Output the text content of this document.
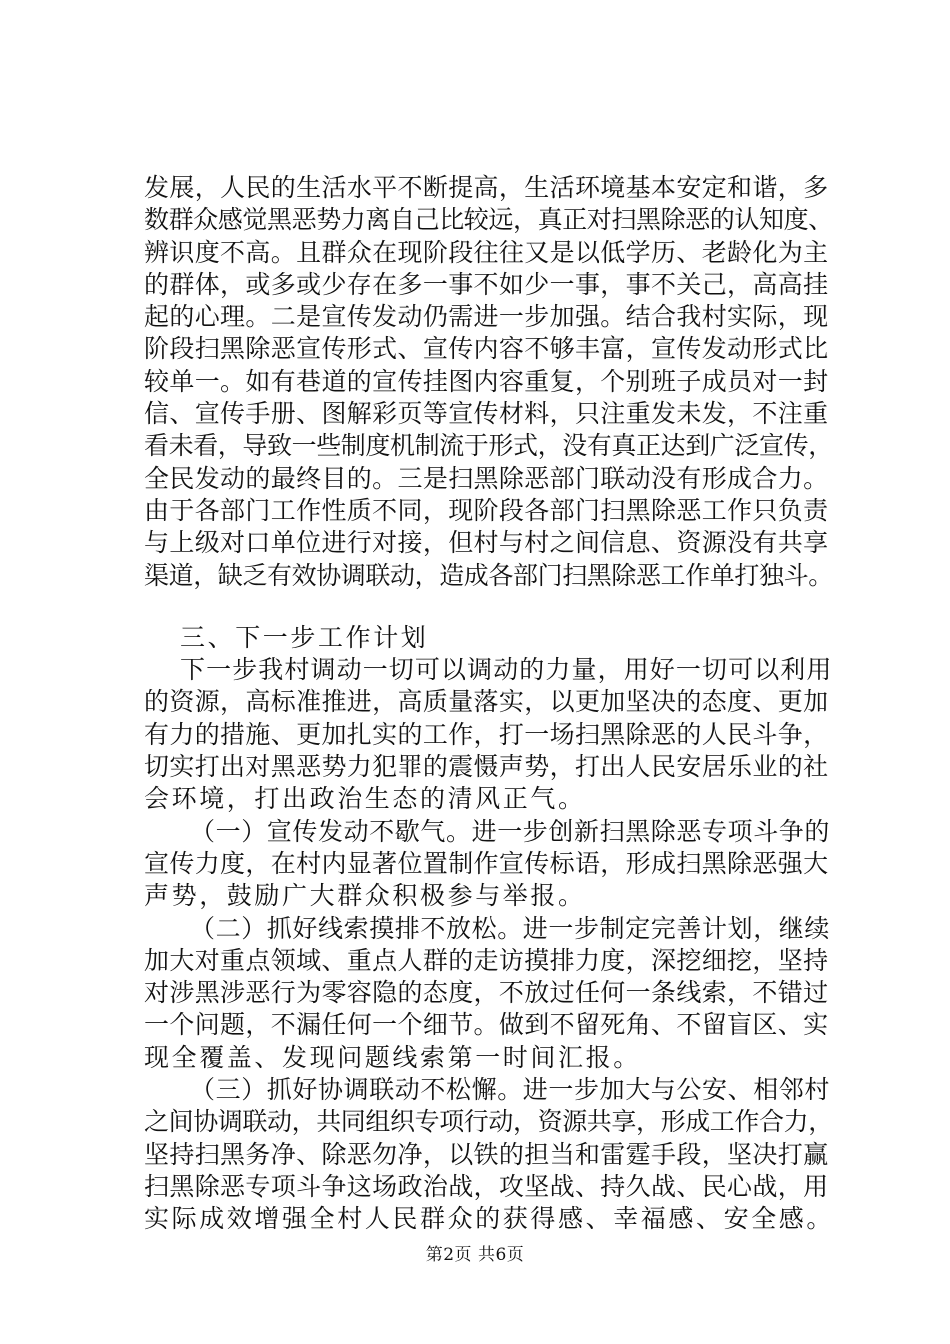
发展，人民的生活水平不断提高，生活环境基本安定和谐，多
数群众感觉黑恶势力离自己比较远，真正对扫黑除恶的认知度、
辨识度不高。且群众在现阶段往往又是以低学历、老龄化为主
的群体，或多或少存在多一事不如少一事，事不关己，高高挂
起的心理。二是宣传发动仍需进一步加强。结合我村实际，现
阶段扫黑除恶宣传形式、宣传内容不够丰富，宣传发动形式比
较单一。如有巷道的宣传挂图内容重复，个别班子成员对一封
信、宣传手册、图解彩页等宣传材料，只注重发未发，不注重
看未看，导致一些制度机制流于形式，没有真正达到广泛宣传，
全民发动的最终目的。三是扫黑除恶部门联动没有形成合力。
由于各部门工作性质不同，现阶段各部门扫黑除恶工作只负责
与上级对口单位进行对接，但村与村之间信息、资源没有共享
渠道，缺乏有效协调联动，造成各部门扫黑除恶工作单打独斗。
三、下一步工作计划
下一步我村调动一切可以调动的力量，用好一切可以利用
的资源，高标准推进，高质量落实，以更加坚决的态度、更加
有力的措施、更加扎实的工作，打一场扫黑除恶的人民斗争，
切实打出对黑恶势力犯罪的震慑声势，打出人民安居乐业的社
会环境，打出政治生态的清风正气。
（一）宣传发动不歇气。进一步创新扫黑除恶专项斗争的
宣传力度，在村内显著位置制作宣传标语，形成扫黑除恶强大
声势，鼓励广大群众积极参与举报。
（二）抓好线索摸排不放松。进一步制定完善计划，继续
加大对重点领域、重点人群的走访摸排力度，深挖细挖，坚持
对涉黑涉恶行为零容隐的态度，不放过任何一条线索，不错过
一个问题，不漏任何一个细节。做到不留死角、不留盲区、实
现全覆盖、发现问题线索第一时间汇报。
（三）抓好协调联动不松懈。进一步加大与公安、相邻村
之间协调联动，共同组织专项行动，资源共享，形成工作合力，
坚持扫黑务净、除恶勿净，以铁的担当和雷霆手段，坚决打赢
扫黑除恶专项斗争这场政治战，攻坚战、持久战、民心战，用
实际成效增强全村人民群众的获得感、幸福感、安全感。
第2页 共6页
